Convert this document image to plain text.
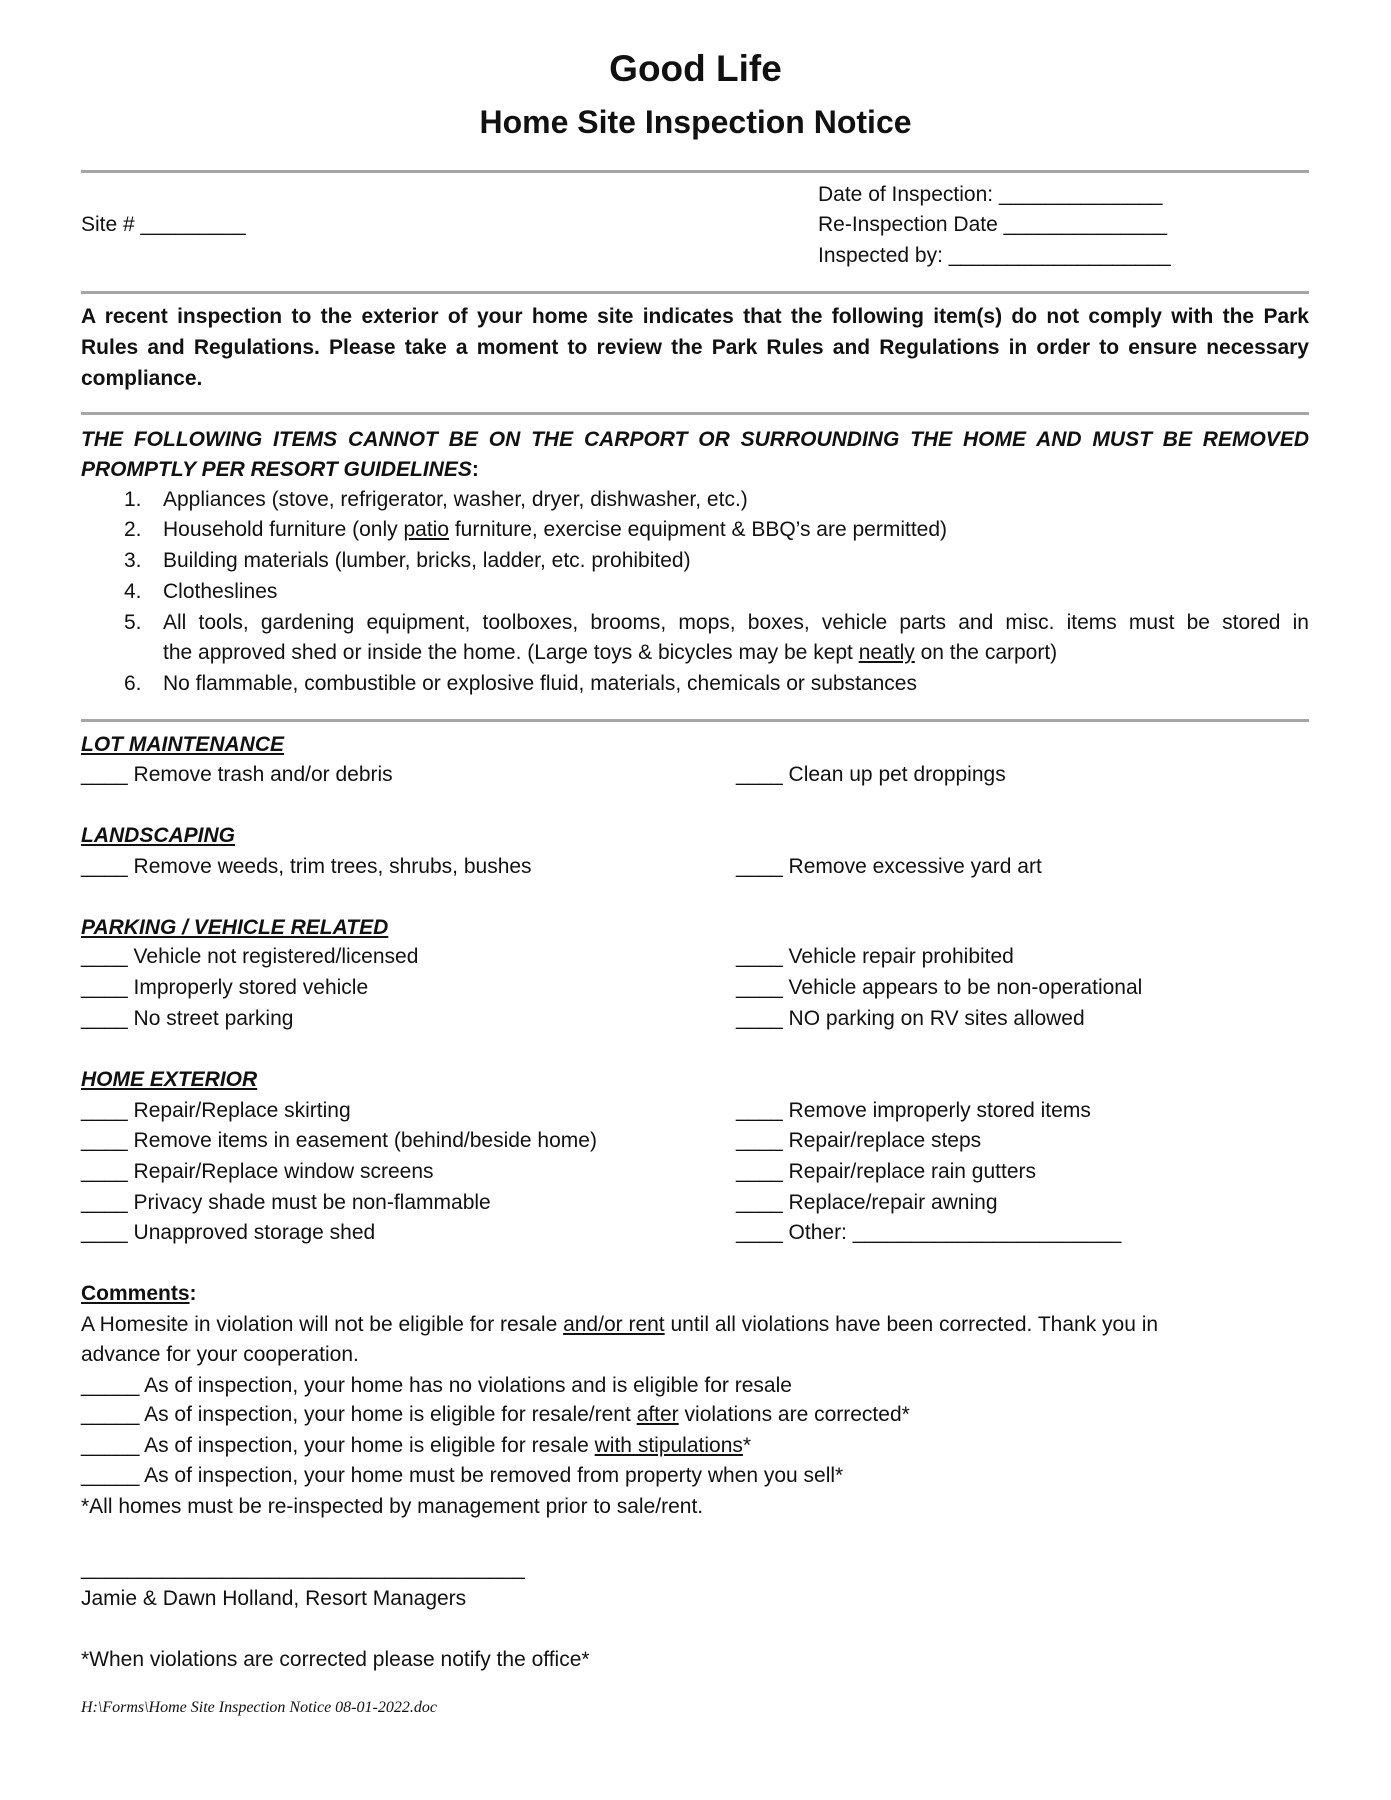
Good Life
Home Site Inspection Notice
Date of Inspection: ______________
Site # _________	Re-Inspection Date ______________
Inspected by: ___________________
A recent inspection to the exterior of your home site indicates that the following item(s) do not comply with the Park
Rules and Regulations. Please take a moment to review the Park Rules and Regulations in order to ensure necessary
compliance.
THE FOLLOWING ITEMS CANNOT BE ON THE CARPORT OR SURROUNDING THE HOME AND MUST BE REMOVED
PROMPTLY PER RESORT GUIDELINES:
1. Appliances (stove, refrigerator, washer, dryer, dishwasher, etc.)
2. Household furniture (only patio furniture, exercise equipment & BBQ’s are permitted)
3. Building materials (lumber, bricks, ladder, etc. prohibited)
4. Clotheslines
5. All tools, gardening equipment, toolboxes, brooms, mops, boxes, vehicle parts and misc. items must be stored in
the approved shed or inside the home. (Large toys & bicycles may be kept neatly on the carport)
6. No flammable, combustible or explosive fluid, materials, chemicals or substances
LOT MAINTENANCE
____ Remove trash and/or debris	____ Clean up pet droppings
LANDSCAPING
____ Remove weeds, trim trees, shrubs, bushes	____ Remove excessive yard art
PARKING / VEHICLE RELATED
____ Vehicle not registered/licensed	____ Vehicle repair prohibited
____ Improperly stored vehicle	____ Vehicle appears to be non-operational
____ No street parking	____ NO parking on RV sites allowed
HOME EXTERIOR
____ Repair/Replace skirting	____ Remove improperly stored items
____ Remove items in easement (behind/beside home)	____ Repair/replace steps
____ Repair/Replace window screens	____ Repair/replace rain gutters
____ Privacy shade must be non-flammable	____ Replace/repair awning
____ Unapproved storage shed	____ Other: _______________________
Comments:
A Homesite in violation will not be eligible for resale and/or rent until all violations have been corrected. Thank you in
advance for your cooperation.
_____ As of inspection, your home has no violations and is eligible for resale
_____ As of inspection, your home is eligible for resale/rent after violations are corrected*
_____ As of inspection, your home is eligible for resale with stipulations*
_____ As of inspection, your home must be removed from property when you sell*
*All homes must be re-inspected by management prior to sale/rent.
______________________________________
Jamie & Dawn Holland, Resort Managers
*When violations are corrected please notify the office*
H:\Forms\Home Site Inspection Notice 08-01-2022.doc
